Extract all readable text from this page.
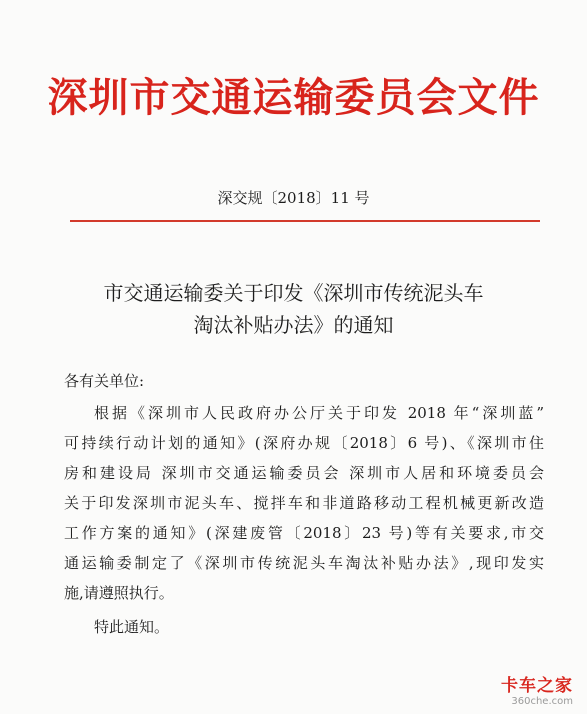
深圳市交通运输委员会文件
深交规〔2018〕11 号
市交通运输委关于印发《深圳市传统泥头车
淘汰补贴办法》的通知
各有关单位:
根据《深圳市人民政府办公厅关于印发 2018 年“深圳蓝”
可持续行动计划的通知》(深府办规〔2018〕6 号)、《深圳市住
房和建设局 深圳市交通运输委员会 深圳市人居和环境委员会
关于印发深圳市泥头车、搅拌车和非道路移动工程机械更新改造
工作方案的通知》(深建废管〔2018〕23 号)等有关要求,市交
通运输委制定了《深圳市传统泥头车淘汰补贴办法》,现印发实
施,请遵照执行。
特此通知。
卡车之家
360che.com
